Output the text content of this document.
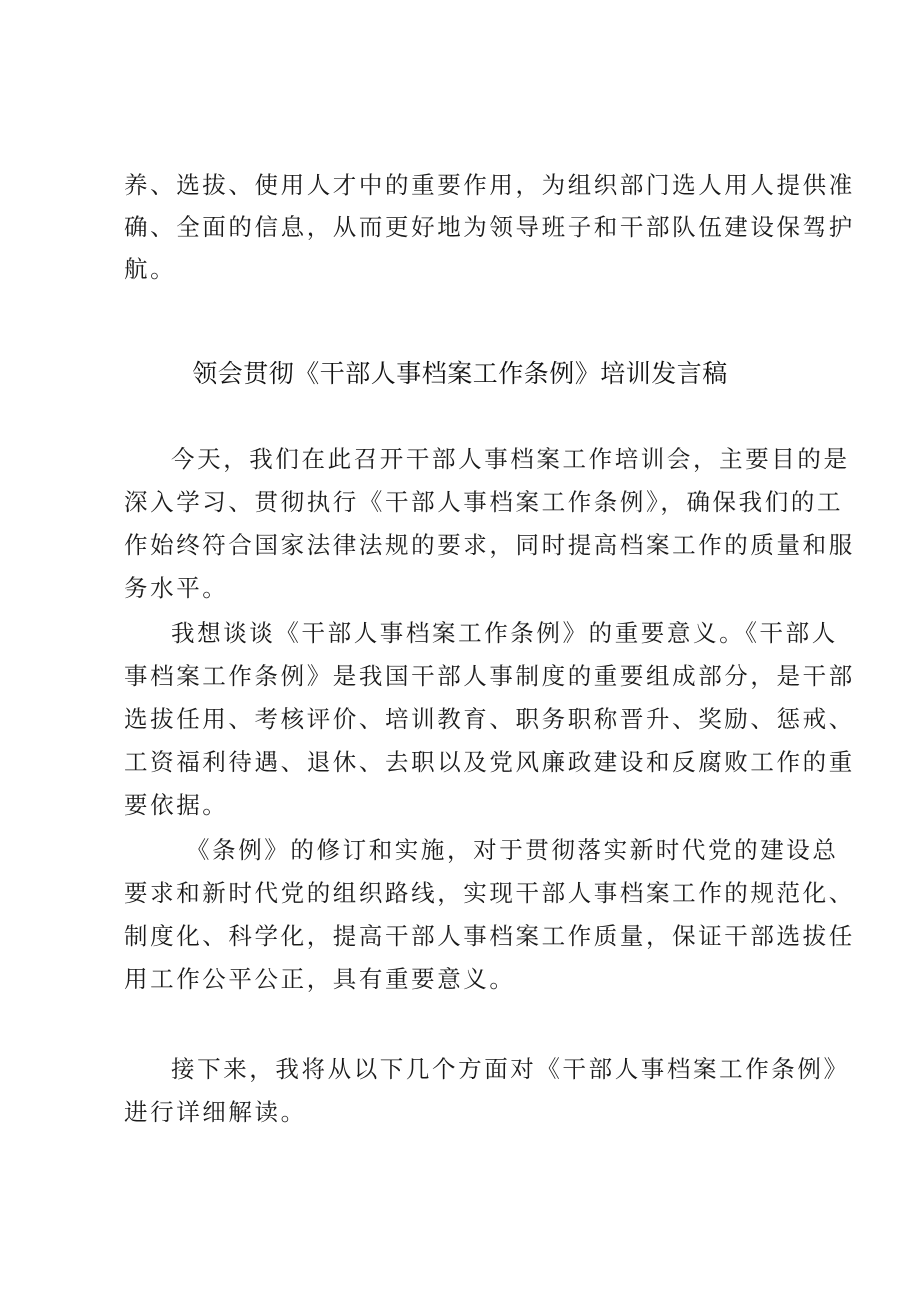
养、选拔、使用人才中的重要作用，为组织部门选人用人提供准
确、全面的信息，从而更好地为领导班子和干部队伍建设保驾护
航。
领会贯彻《干部人事档案工作条例》培训发言稿
今天，我们在此召开干部人事档案工作培训会，主要目的是
深入学习、贯彻执行《干部人事档案工作条例》，确保我们的工
作始终符合国家法律法规的要求，同时提高档案工作的质量和服
务水平。
我想谈谈《干部人事档案工作条例》的重要意义。《干部人
事档案工作条例》是我国干部人事制度的重要组成部分，是干部
选拔任用、考核评价、培训教育、职务职称晋升、奖励、惩戒、
工资福利待遇、退休、去职以及党风廉政建设和反腐败工作的重
要依据。
《条例》的修订和实施，对于贯彻落实新时代党的建设总
要求和新时代党的组织路线，实现干部人事档案工作的规范化、
制度化、科学化，提高干部人事档案工作质量，保证干部选拔任
用工作公平公正，具有重要意义。
接下来，我将从以下几个方面对《干部人事档案工作条例》
进行详细解读。
